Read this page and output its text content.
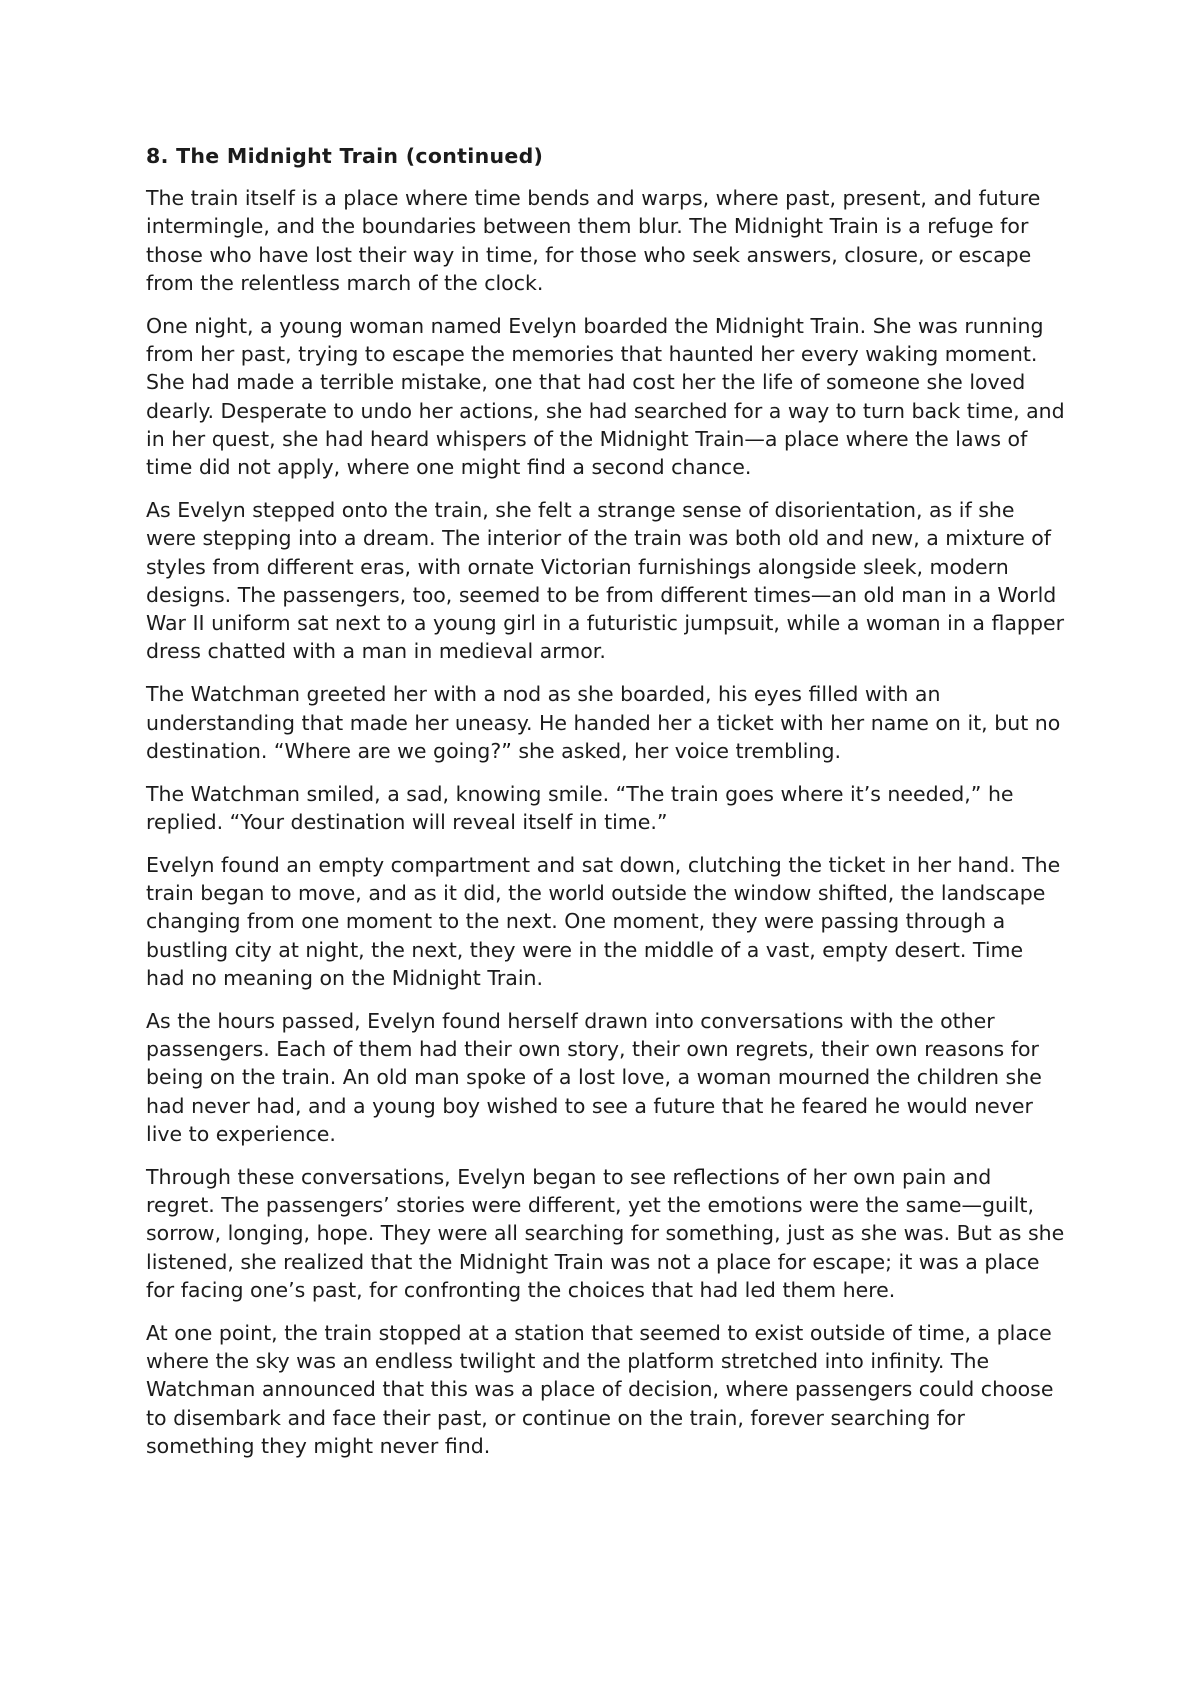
8. The Midnight Train (continued)

The train itself is a place where time bends and warps, where past, present, and future intermingle, and the boundaries between them blur. The Midnight Train is a refuge for those who have lost their way in time, for those who seek answers, closure, or escape from the relentless march of the clock.

One night, a young woman named Evelyn boarded the Midnight Train. She was running from her past, trying to escape the memories that haunted her every waking moment. She had made a terrible mistake, one that had cost her the life of someone she loved dearly. Desperate to undo her actions, she had searched for a way to turn back time, and in her quest, she had heard whispers of the Midnight Train—a place where the laws of time did not apply, where one might find a second chance.

As Evelyn stepped onto the train, she felt a strange sense of disorientation, as if she were stepping into a dream. The interior of the train was both old and new, a mixture of styles from different eras, with ornate Victorian furnishings alongside sleek, modern designs. The passengers, too, seemed to be from different times—an old man in a World War II uniform sat next to a young girl in a futuristic jumpsuit, while a woman in a flapper dress chatted with a man in medieval armor.

The Watchman greeted her with a nod as she boarded, his eyes filled with an understanding that made her uneasy. He handed her a ticket with her name on it, but no destination. “Where are we going?” she asked, her voice trembling.

The Watchman smiled, a sad, knowing smile. “The train goes where it’s needed,” he replied. “Your destination will reveal itself in time.”

Evelyn found an empty compartment and sat down, clutching the ticket in her hand. The train began to move, and as it did, the world outside the window shifted, the landscape changing from one moment to the next. One moment, they were passing through a bustling city at night, the next, they were in the middle of a vast, empty desert. Time had no meaning on the Midnight Train.

As the hours passed, Evelyn found herself drawn into conversations with the other passengers. Each of them had their own story, their own regrets, their own reasons for being on the train. An old man spoke of a lost love, a woman mourned the children she had never had, and a young boy wished to see a future that he feared he would never live to experience.

Through these conversations, Evelyn began to see reflections of her own pain and regret. The passengers’ stories were different, yet the emotions were the same—guilt, sorrow, longing, hope. They were all searching for something, just as she was. But as she listened, she realized that the Midnight Train was not a place for escape; it was a place for facing one’s past, for confronting the choices that had led them here.

At one point, the train stopped at a station that seemed to exist outside of time, a place where the sky was an endless twilight and the platform stretched into infinity. The Watchman announced that this was a place of decision, where passengers could choose to disembark and face their past, or continue on the train, forever searching for something they might never find.
